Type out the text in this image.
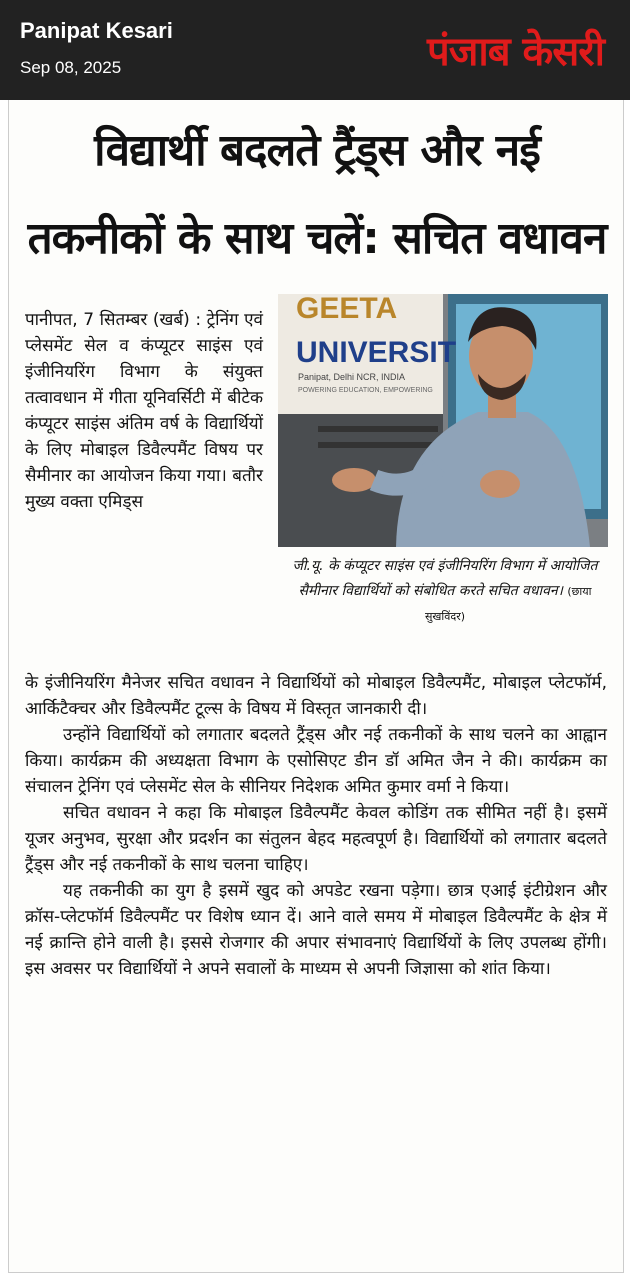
Panipat Kesari
Sep 08, 2025	पंजाब केसरी
विद्यार्थी बदलते ट्रैंड्स और नई
तकनीकों के साथ चलें: सचित वधावन

पानीपत, 7 सितम्बर (खर्ब) : ट्रेनिंग एवं प्लेसमेंट सेल व कंप्यूटर साइंस एवं इंजीनियरिंग विभाग के संयुक्त तत्वावधान में गीता यूनिवर्सिटी में बीटेक कंप्यूटर साइंस अंतिम वर्ष के विद्यार्थियों के लिए मोबाइल डिवैल्पमैंट विषय पर सैमीनार का आयोजन किया गया। बतौर मुख्य वक्ता एमिड्स

GEETA
UNIVERSIT
Panipat, Delhi NCR, INDIA
POWERING EDUCATION, EMPOWERING
जी.यू. के कंप्यूटर साइंस एवं इंजीनियरिंग विभाग में आयोजित सैमीनार विद्यार्थियों को संबोधित करते सचित वधावन। (छाया सुखविंदर)

के इंजीनियरिंग मैनेजर सचित वधावन ने विद्यार्थियों को मोबाइल डिवैल्पमैंट, मोबाइल प्लेटफॉर्म, आर्किटैक्चर और डिवैल्पमैंट टूल्स के विषय में विस्तृत जानकारी दी।

उन्होंने विद्यार्थियों को लगातार बदलते ट्रैंड्स और नई तकनीकों के साथ चलने का आह्वान किया। कार्यक्रम की अध्यक्षता विभाग के एसोसिएट डीन डॉ अमित जैन ने की। कार्यक्रम का संचालन ट्रेनिंग एवं प्लेसमेंट सेल के सीनियर निदेशक अमित कुमार वर्मा ने किया।

सचित वधावन ने कहा कि मोबाइल डिवैल्पमैंट केवल कोडिंग तक सीमित नहीं है। इसमें यूजर अनुभव, सुरक्षा और प्रदर्शन का संतुलन बेहद महत्वपूर्ण है। विद्यार्थियों को लगातार बदलते ट्रैंड्स और नई तकनीकों के साथ चलना चाहिए।

यह तकनीकी का युग है इसमें खुद को अपडेट रखना पड़ेगा। छात्र एआई इंटीग्रेशन और क्रॉस-प्लेटफॉर्म डिवैल्पमैंट पर विशेष ध्यान दें। आने वाले समय में मोबाइल डिवैल्पमैंट के क्षेत्र में नई क्रान्ति होने वाली है। इससे रोजगार की अपार संभावनाएं विद्यार्थियों के लिए उपलब्ध होंगी। इस अवसर पर विद्यार्थियों ने अपने सवालों के माध्यम से अपनी जिज्ञासा को शांत किया।
